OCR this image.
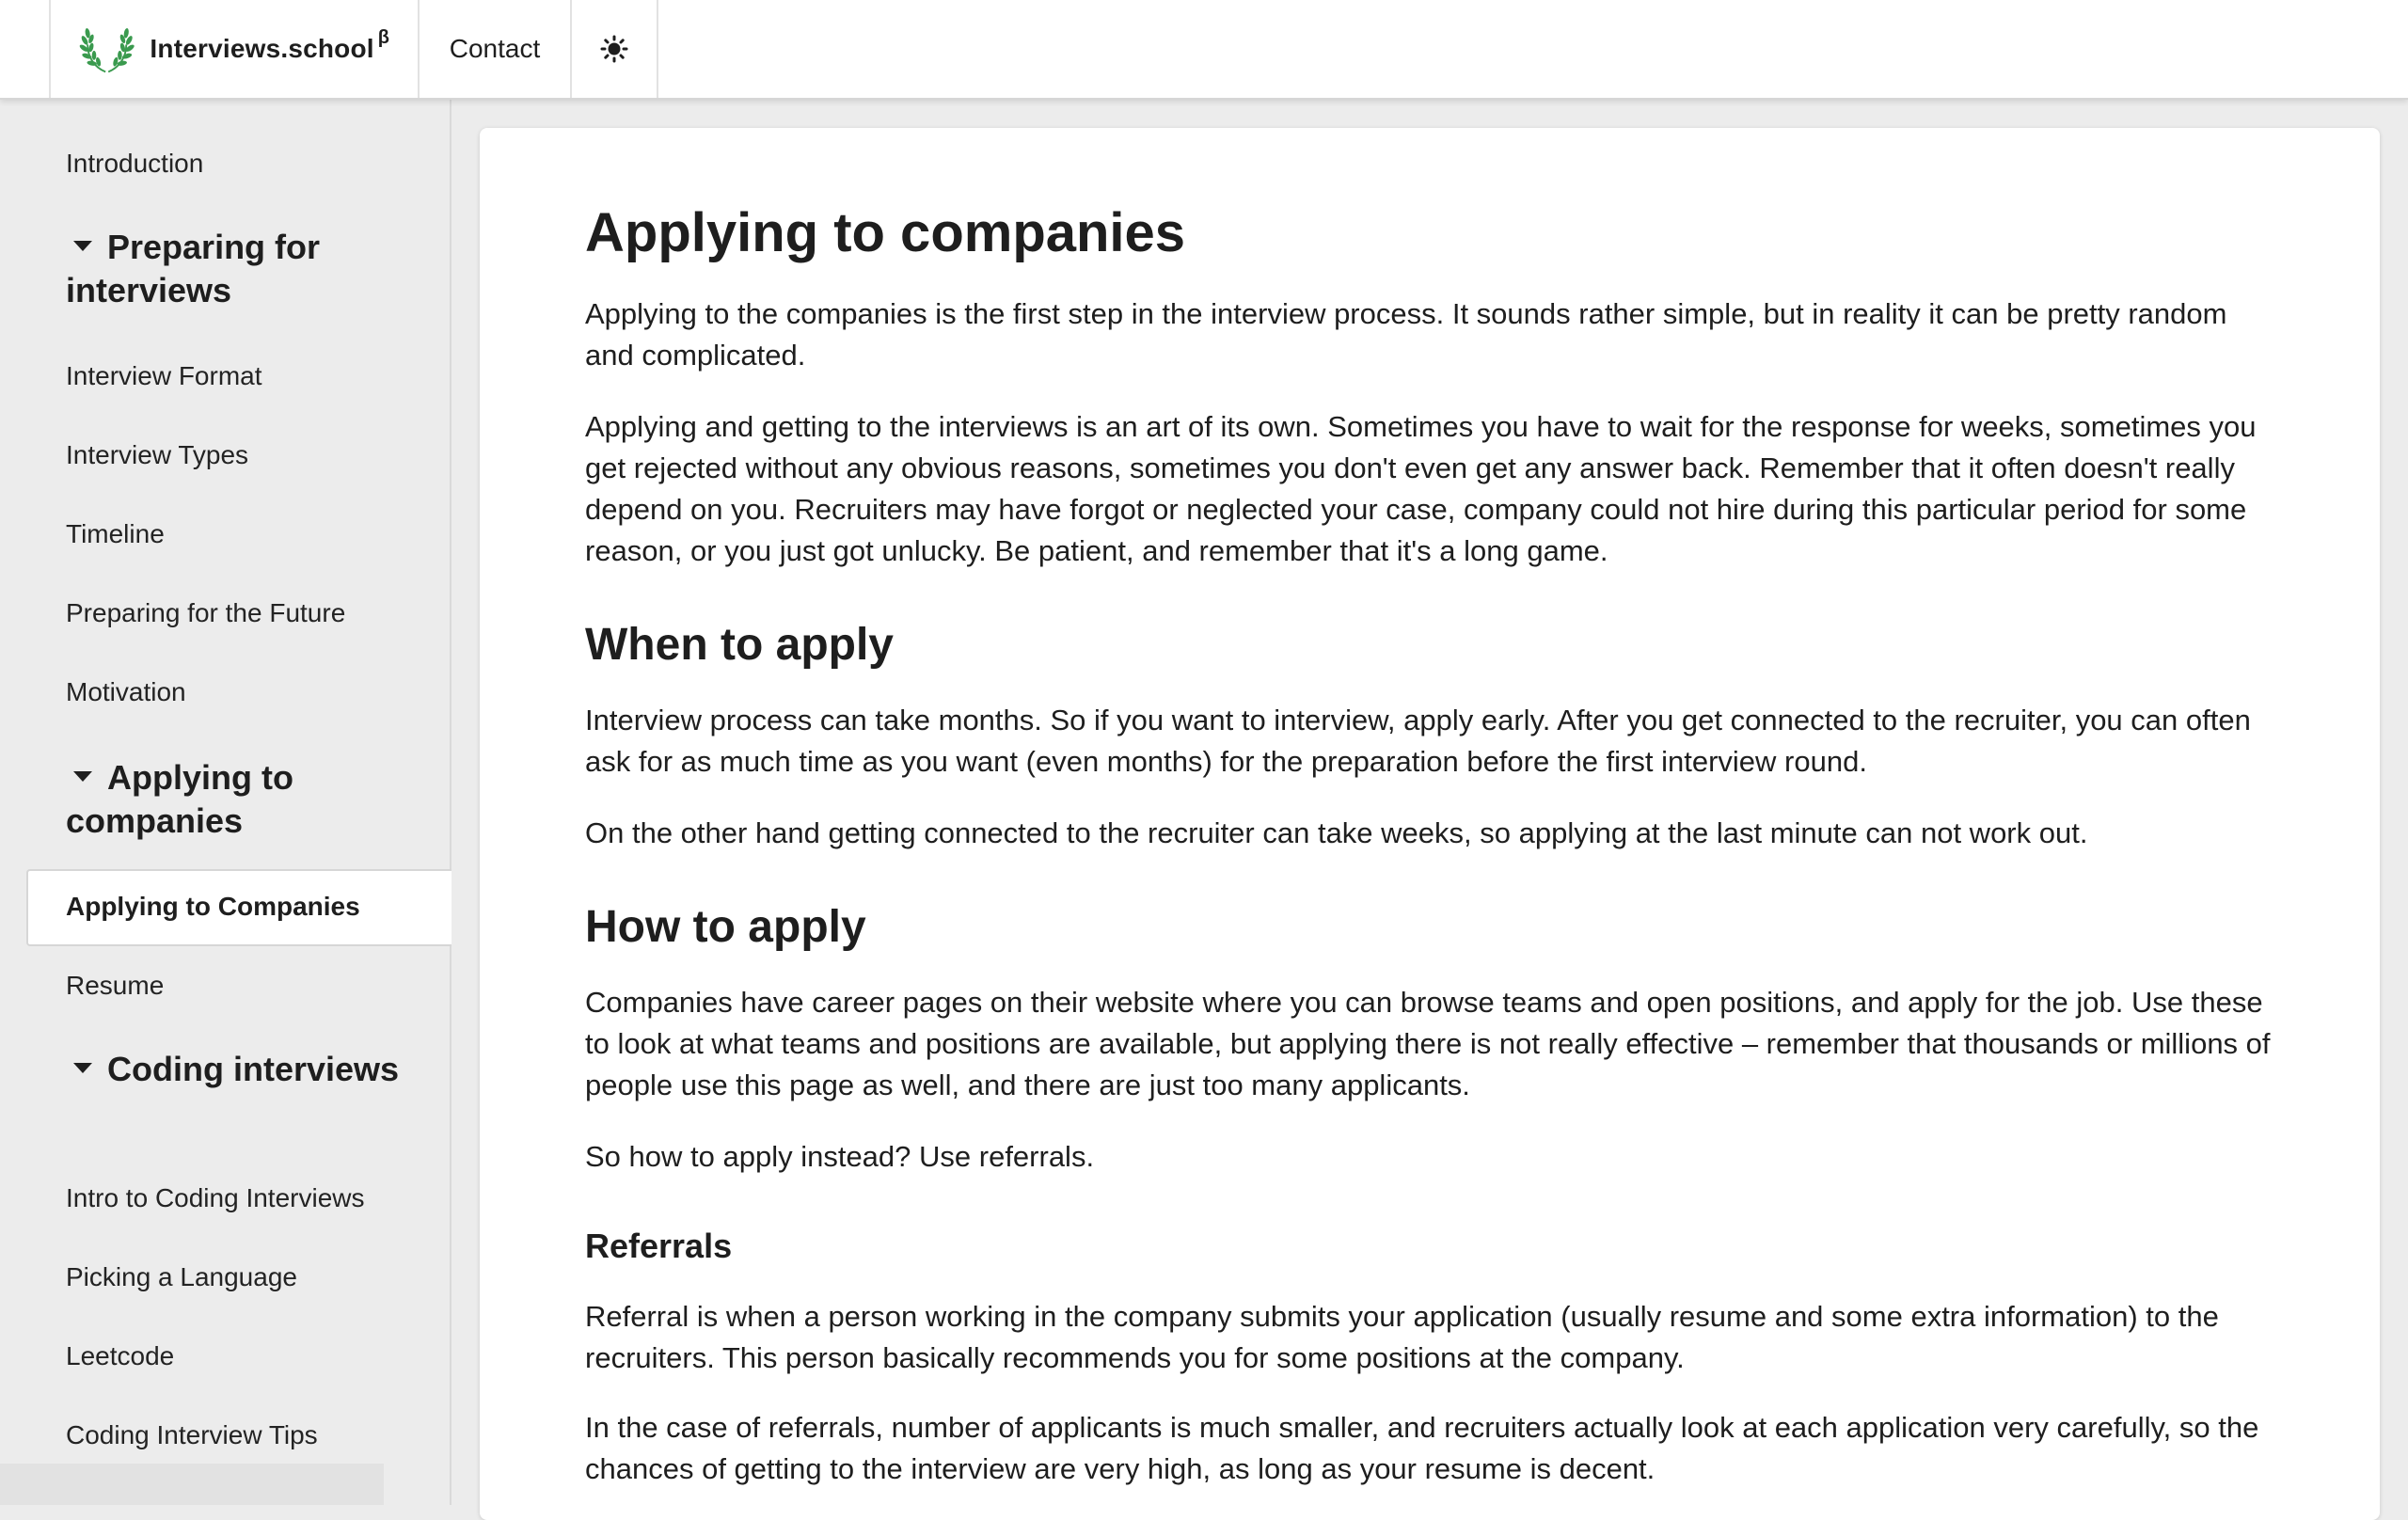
Interviews.school β	Contact
Introduction
Preparing for interviews
Interview Format
Interview Types
Timeline
Preparing for the Future
Motivation
Applying to companies
Applying to Companies
Resume
Coding interviews
Intro to Coding Interviews
Picking a Language
Leetcode
Coding Interview Tips
Applying to companies

Applying to the companies is the first step in the interview process. It sounds rather simple, but in reality it can be pretty random and complicated.

Applying and getting to the interviews is an art of its own. Sometimes you have to wait for the response for weeks, sometimes you get rejected without any obvious reasons, sometimes you don't even get any answer back. Remember that it often doesn't really depend on you. Recruiters may have forgot or neglected your case, company could not hire during this particular period for some reason, or you just got unlucky. Be patient, and remember that it's a long game.

When to apply

Interview process can take months. So if you want to interview, apply early. After you get connected to the recruiter, you can often ask for as much time as you want (even months) for the preparation before the first interview round.

On the other hand getting connected to the recruiter can take weeks, so applying at the last minute can not work out.

How to apply

Companies have career pages on their website where you can browse teams and open positions, and apply for the job. Use these to look at what teams and positions are available, but applying there is not really effective – remember that thousands or millions of people use this page as well, and there are just too many applicants.

So how to apply instead? Use referrals.

Referrals

Referral is when a person working in the company submits your application (usually resume and some extra information) to the recruiters. This person basically recommends you for some positions at the company.

In the case of referrals, number of applicants is much smaller, and recruiters actually look at each application very carefully, so the chances of getting to the interview are very high, as long as your resume is decent.
